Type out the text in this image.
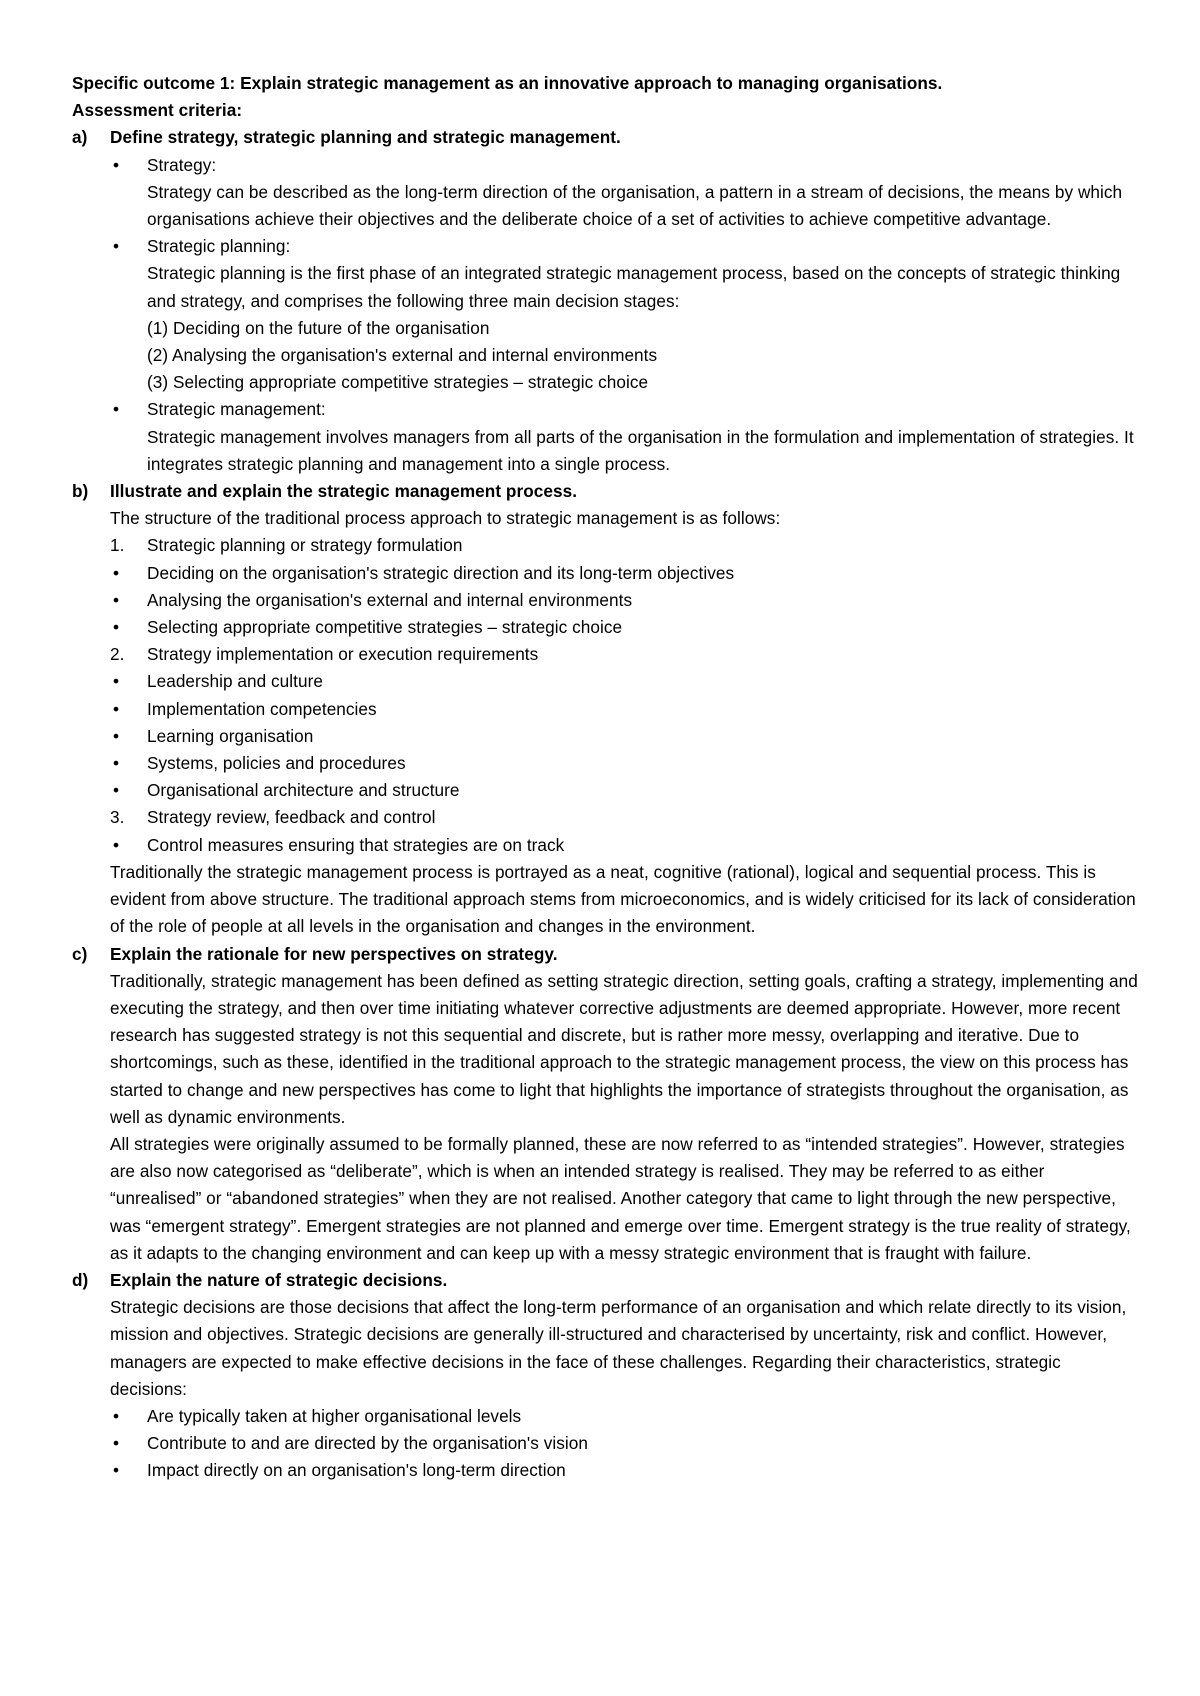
Specific outcome 1: Explain strategic management as an innovative approach to managing organisations.
Assessment criteria:
a)	Define strategy, strategic planning and strategic management.
•	Strategy:
Strategy can be described as the long-term direction of the organisation, a pattern in a stream of decisions, the means by which organisations achieve their objectives and the deliberate choice of a set of activities to achieve competitive advantage.
•	Strategic planning:
Strategic planning is the first phase of an integrated strategic management process, based on the concepts of strategic thinking and strategy, and comprises the following three main decision stages:
(1) Deciding on the future of the organisation
(2) Analysing the organisation's external and internal environments
(3) Selecting appropriate competitive strategies – strategic choice
•	Strategic management:
Strategic management involves managers from all parts of the organisation in the formulation and implementation of strategies. It integrates strategic planning and management into a single process.
b)	Illustrate and explain the strategic management process.
The structure of the traditional process approach to strategic management is as follows:
1.	Strategic planning or strategy formulation
•	Deciding on the organisation's strategic direction and its long-term objectives
•	Analysing the organisation's external and internal environments
•	Selecting appropriate competitive strategies – strategic choice
2.	Strategy implementation or execution requirements
•	Leadership and culture
•	Implementation competencies
•	Learning organisation
•	Systems, policies and procedures
•	Organisational architecture and structure
3.	Strategy review, feedback and control
•	Control measures ensuring that strategies are on track
Traditionally the strategic management process is portrayed as a neat, cognitive (rational), logical and sequential process. This is evident from above structure. The traditional approach stems from microeconomics, and is widely criticised for its lack of consideration of the role of people at all levels in the organisation and changes in the environment.
c)	Explain the rationale for new perspectives on strategy.
Traditionally, strategic management has been defined as setting strategic direction, setting goals, crafting a strategy, implementing and executing the strategy, and then over time initiating whatever corrective adjustments are deemed appropriate. However, more recent research has suggested strategy is not this sequential and discrete, but is rather more messy, overlapping and iterative. Due to shortcomings, such as these, identified in the traditional approach to the strategic management process, the view on this process has started to change and new perspectives has come to light that highlights the importance of strategists throughout the organisation, as well as dynamic environments.
All strategies were originally assumed to be formally planned, these are now referred to as “intended strategies”. However, strategies are also now categorised as “deliberate”, which is when an intended strategy is realised. They may be referred to as either “unrealised” or “abandoned strategies” when they are not realised. Another category that came to light through the new perspective, was “emergent strategy”. Emergent strategies are not planned and emerge over time. Emergent strategy is the true reality of strategy, as it adapts to the changing environment and can keep up with a messy strategic environment that is fraught with failure.
d)	Explain the nature of strategic decisions.
Strategic decisions are those decisions that affect the long-term performance of an organisation and which relate directly to its vision, mission and objectives. Strategic decisions are generally ill-structured and characterised by uncertainty, risk and conflict. However, managers are expected to make effective decisions in the face of these challenges. Regarding their characteristics, strategic decisions:
•	Are typically taken at higher organisational levels
•	Contribute to and are directed by the organisation's vision
•	Impact directly on an organisation's long-term direction
